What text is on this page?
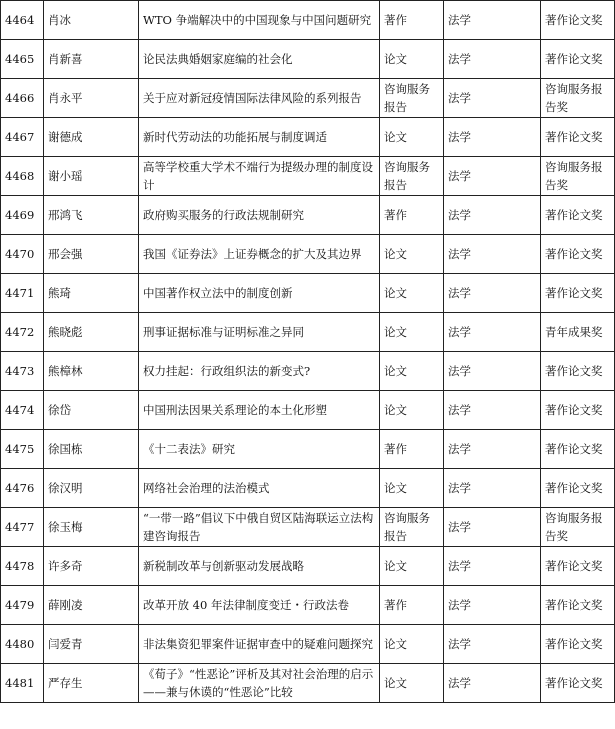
4464	肖冰	WTO 争端解决中的中国现象与中国问题研究	著作	法学	著作论文奖
4465	肖新喜	论民法典婚姻家庭编的社会化	论文	法学	著作论文奖
4466	肖永平	关于应对新冠疫情国际法律风险的系列报告	咨询服务报告	法学	咨询服务报告奖
4467	谢德成	新时代劳动法的功能拓展与制度调适	论文	法学	著作论文奖
4468	谢小瑶	高等学校重大学术不端行为提级办理的制度设计	咨询服务报告	法学	咨询服务报告奖
4469	邢鸿飞	政府购买服务的行政法规制研究	著作	法学	著作论文奖
4470	邢会强	我国《证券法》上证券概念的扩大及其边界	论文	法学	著作论文奖
4471	熊琦	中国著作权立法中的制度创新	论文	法学	著作论文奖
4472	熊晓彪	刑事证据标准与证明标准之异同	论文	法学	青年成果奖
4473	熊樟林	权力挂起：行政组织法的新变式?	论文	法学	著作论文奖
4474	徐岱	中国刑法因果关系理论的本土化形塑	论文	法学	著作论文奖
4475	徐国栋	《十二表法》研究	著作	法学	著作论文奖
4476	徐汉明	网络社会治理的法治模式	论文	法学	著作论文奖
4477	徐玉梅	“一带一路”倡议下中俄自贸区陆海联运立法构建咨询报告	咨询服务报告	法学	咨询服务报告奖
4478	许多奇	新税制改革与创新驱动发展战略	论文	法学	著作论文奖
4479	薛刚凌	改革开放 40 年法律制度变迁・行政法卷	著作	法学	著作论文奖
4480	闫爱青	非法集资犯罪案件证据审查中的疑难问题探究	论文	法学	著作论文奖
4481	严存生	《荀子》“性恶论”评析及其对社会治理的启示——兼与休谟的“性恶论”比较	论文	法学	著作论文奖
